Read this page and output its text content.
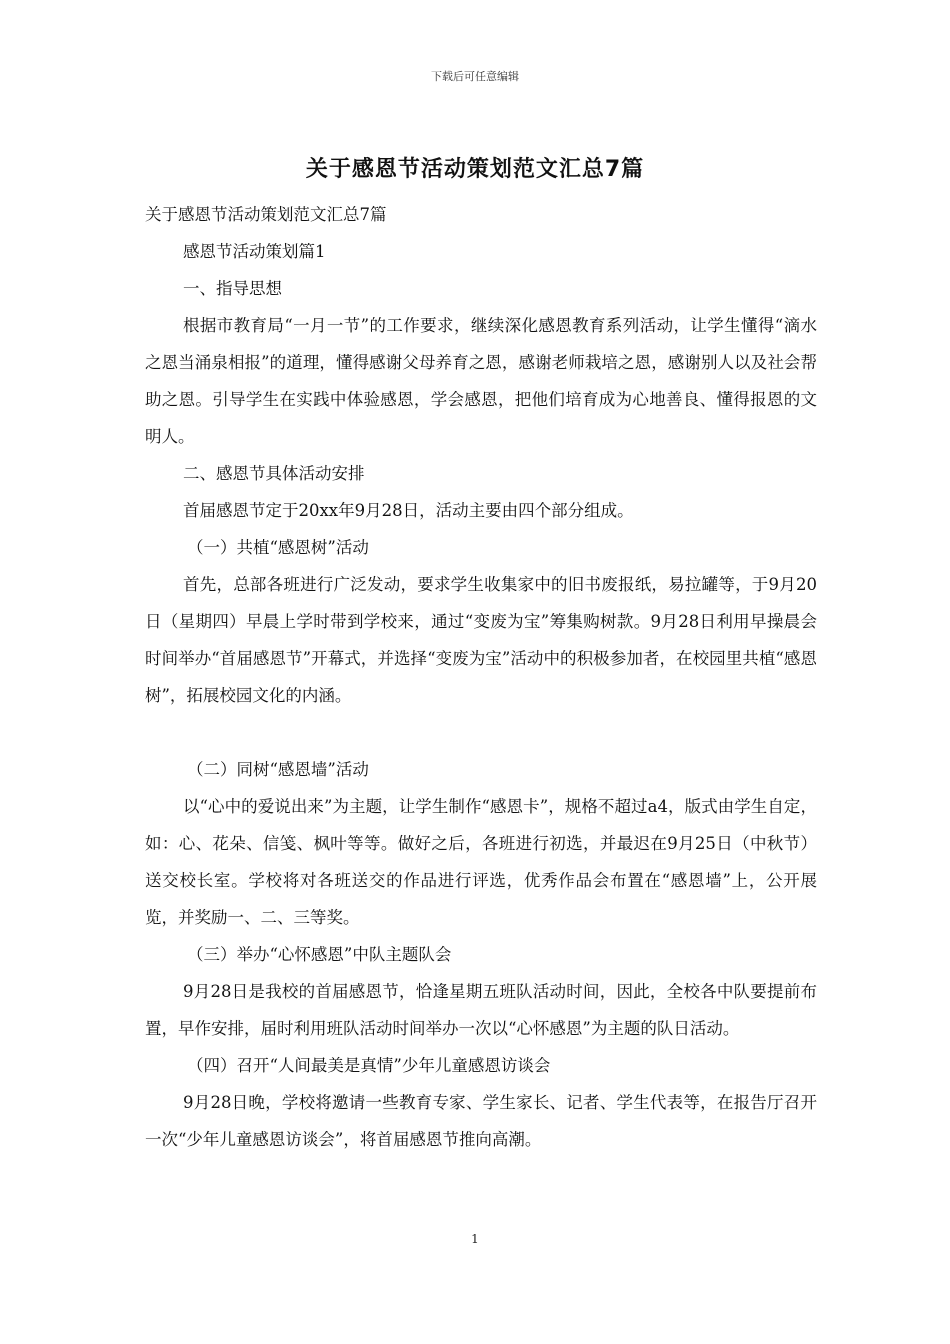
下载后可任意编辑
关于感恩节活动策划范文汇总7篇

关于感恩节活动策划范文汇总7篇

感恩节活动策划篇1

一、指导思想

根据市教育局“一月一节”的工作要求，继续深化感恩教育系列活动，让学生懂得“滴水之恩当涌泉相报”的道理，懂得感谢父母养育之恩，感谢老师栽培之恩，感谢别人以及社会帮助之恩。引导学生在实践中体验感恩，学会感恩，把他们培育成为心地善良、懂得报恩的文明人。

二、感恩节具体活动安排

首届感恩节定于20xx年9月28日，活动主要由四个部分组成。

（一）共植“感恩树”活动

首先，总部各班进行广泛发动，要求学生收集家中的旧书废报纸，易拉罐等，于9月20日（星期四）早晨上学时带到学校来，通过“变废为宝”筹集购树款。9月28日利用早操晨会时间举办“首届感恩节”开幕式，并选择“变废为宝”活动中的积极参加者，在校园里共植“感恩树”，拓展校园文化的内涵。

（二）同树“感恩墙”活动

以“心中的爱说出来”为主题，让学生制作“感恩卡”，规格不超过a4，版式由学生自定，如：心、花朵、信笺、枫叶等等。做好之后，各班进行初选，并最迟在9月25日（中秋节）送交校长室。学校将对各班送交的作品进行评选，优秀作品会布置在“感恩墙”上，公开展览，并奖励一、二、三等奖。

（三）举办“心怀感恩”中队主题队会

9月28日是我校的首届感恩节，恰逢星期五班队活动时间，因此，全校各中队要提前布置，早作安排，届时利用班队活动时间举办一次以“心怀感恩”为主题的队日活动。

（四）召开“人间最美是真情”少年儿童感恩访谈会

9月28日晚，学校将邀请一些教育专家、学生家长、记者、学生代表等，在报告厅召开一次“少年儿童感恩访谈会”，将首届感恩节推向高潮。

1
